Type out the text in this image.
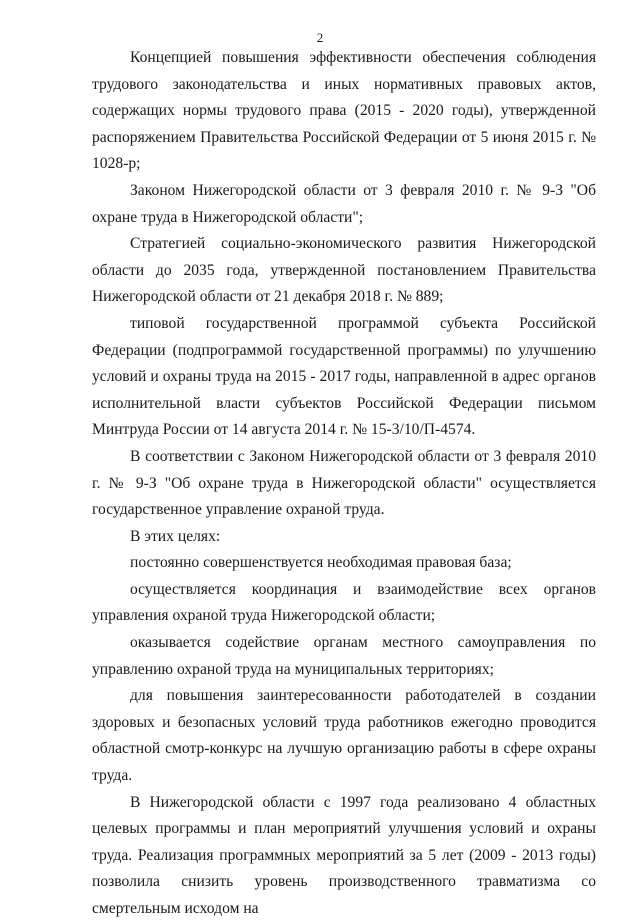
2

Концепцией повышения эффективности обеспечения соблюдения трудового законодательства и иных нормативных правовых актов, содержащих нормы трудового права (2015 - 2020 годы), утвержденной распоряжением Правительства Российской Федерации от 5 июня 2015 г. № 1028-р;

Законом Нижегородской области от 3 февраля 2010 г. № 9-З "Об охране труда в Нижегородской области";

Стратегией социально-экономического развития Нижегородской области до 2035 года, утвержденной постановлением Правительства Нижегородской области от 21 декабря 2018 г. № 889;

типовой государственной программой субъекта Российской Федерации (подпрограммой государственной программы) по улучшению условий и охраны труда на 2015 - 2017 годы, направленной в адрес органов исполнительной власти субъектов Российской Федерации письмом Минтруда России от 14 августа 2014 г. № 15-3/10/П-4574.

В соответствии с Законом Нижегородской области от 3 февраля 2010 г. № 9-З "Об охране труда в Нижегородской области" осуществляется государственное управление охраной труда.

В этих целях:

постоянно совершенствуется необходимая правовая база;

осуществляется координация и взаимодействие всех органов управления охраной труда Нижегородской области;

оказывается содействие органам местного самоуправления по управлению охраной труда на муниципальных территориях;

для повышения заинтересованности работодателей в создании здоровых и безопасных условий труда работников ежегодно проводится областной смотр-конкурс на лучшую организацию работы в сфере охраны труда.

В Нижегородской области с 1997 года реализовано 4 областных целевых программы и план мероприятий улучшения условий и охраны труда. Реализация программных мероприятий за 5 лет (2009 - 2013 годы) позволила снизить уровень производственного травматизма со смертельным исходом на
